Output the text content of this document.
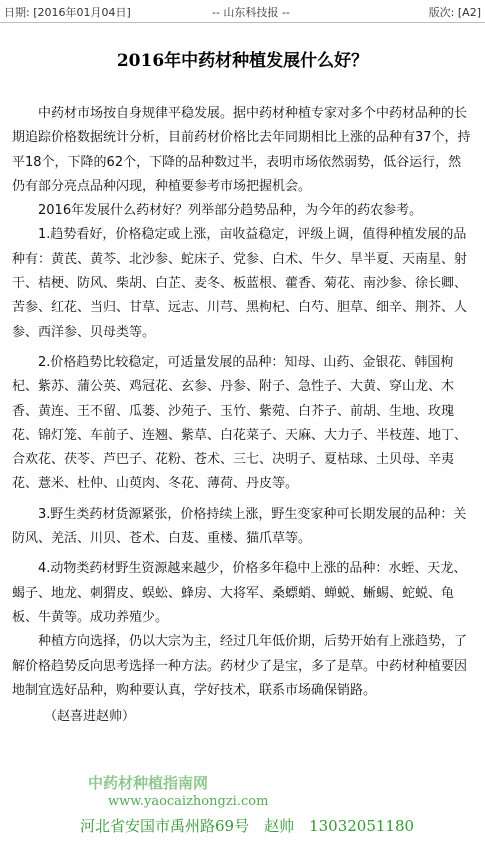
日期: [2016年01月04日]	-- 山东科技报 --	版次: [A2]
2016年中药材种植发展什么好？

中药材市场按自身规律平稳发展。据中药材种植专家对多个中药材品种的长期追踪价格数据统计分析，目前药材价格比去年同期相比上涨的品种有37个，持平18个，下降的62个，下降的品种数过半，表明市场依然弱势，低谷运行，然仍有部分亮点品种闪现，种植要参考市场把握机会。

2016年发展什么药材好？列举部分趋势品种，为今年的药农参考。

1.趋势看好，价格稳定或上涨，亩收益稳定，评级上调，值得种植发展的品种有：黄芪、黄芩、北沙参、蛇床子、党参、白术、牛夕、旱半夏、天南星、射干、桔梗、防风、柴胡、白芷、麦冬、板蓝根、藿香、菊花、南沙参、徐长卿、苦参、红花、当归、甘草、远志、川芎、黑枸杞、白芍、胆草、细辛、荆芥、人参、西洋参、贝母类等。

2.价格趋势比较稳定，可适量发展的品种：知母、山药、金银花、韩国枸杞、紫苏、蒲公英、鸡冠花、玄参、丹参、附子、急性子、大黄、穿山龙、木香、黄连、王不留、瓜蒌、沙苑子、玉竹、紫菀、白芥子、前胡、生地、玫瑰花、锦灯笼、车前子、连翘、紫草、白花菜子、天麻、大力子、半枝莲、地丁、合欢花、茯苓、芦巴子、花粉、苍术、三七、决明子、夏枯球、土贝母、辛夷花、薏米、杜仲、山萸肉、冬花、薄荷、丹皮等。

3.野生类药材货源紧张，价格持续上涨，野生变家种可长期发展的品种：关防风、羌活、川贝、苍术、白芨、重楼、猫爪草等。

4.动物类药材野生资源越来越少，价格多年稳中上涨的品种：水蛭、天龙、蝎子、地龙、刺猬皮、蜈蚣、蜂房、大将军、桑螵蛸、蝉蜕、蜥蜴、蛇蜕、龟板、牛黄等。成功养殖少。

种植方向选择，仍以大宗为主，经过几年低价期，后势开始有上涨趋势，了解价格趋势反向思考选择一种方法。药材少了是宝，多了是草。中药材种植要因地制宜选好品种，购种要认真，学好技术，联系市场确保销路。

（赵喜进赵帅）
中药材种植指南网
www.yaocaizhongzi.com
河北省安国市禹州路69号　赵帅　13032051180
